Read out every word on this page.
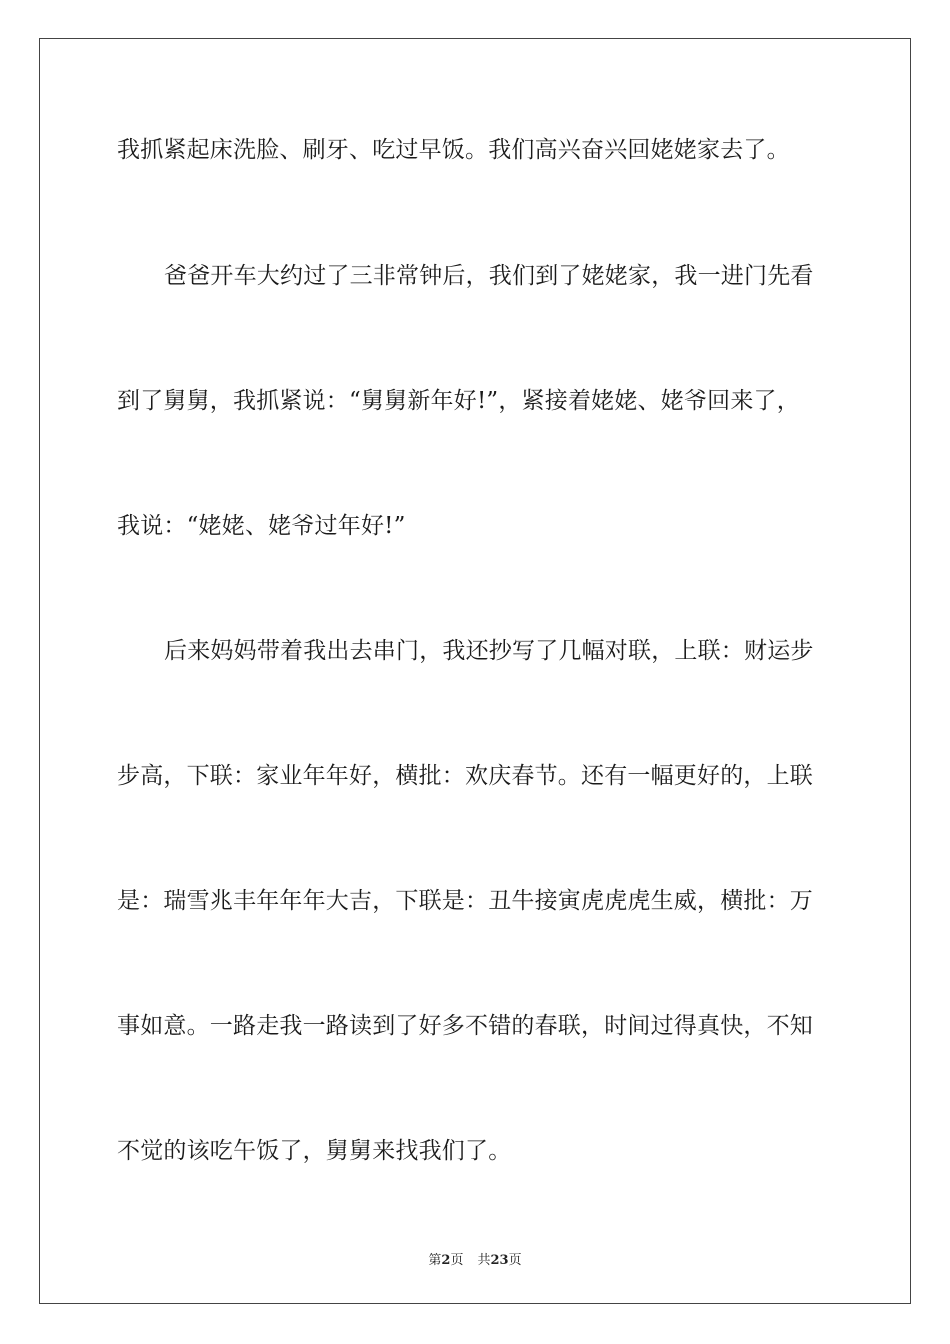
我抓紧起床洗脸、刷牙、吃过早饭。我们高兴奋兴回姥姥家去了。
爸爸开车大约过了三非常钟后，我们到了姥姥家，我一进门先看
到了舅舅，我抓紧说：“舅舅新年好!”，紧接着姥姥、姥爷回来了，
我说：“姥姥、姥爷过年好!”
后来妈妈带着我出去串门，我还抄写了几幅对联，上联：财运步
步高，下联：家业年年好，横批：欢庆春节。还有一幅更好的，上联
是：瑞雪兆丰年年年大吉，下联是：丑牛接寅虎虎虎生威，横批：万
事如意。一路走我一路读到了好多不错的春联，时间过得真快，不知
不觉的该吃午饭了，舅舅来找我们了。
第2页 共23页
